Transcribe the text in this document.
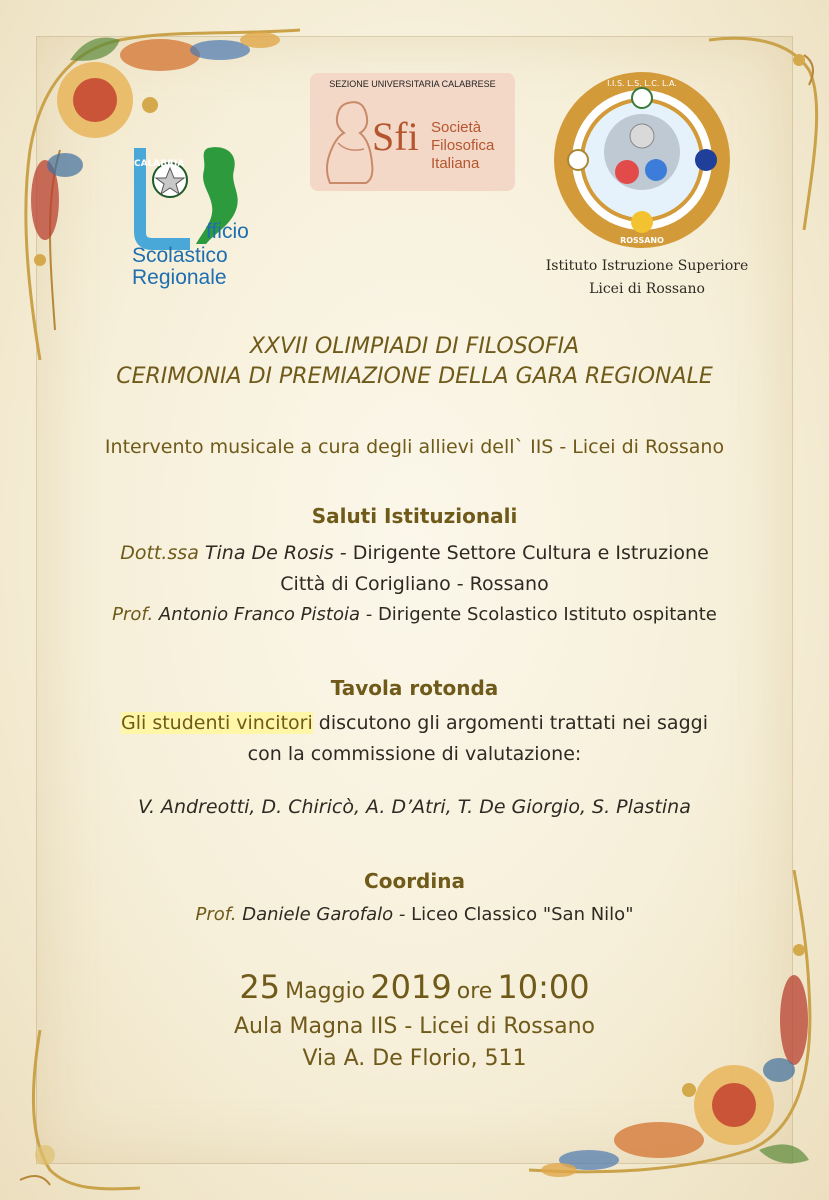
CALABRIA
fficio
Scolastico
Regionale
SEZIONE UNIVERSITARIA CALABRESE
Sfi Società
Filosofica
Italiana
I.I.S. L.S. L.C. L.A.
ROSSANO
Istituto Istruzione Superiore
Licei di Rossano
XXVII OLIMPIADI DI FILOSOFIA
CERIMONIA DI PREMIAZIONE DELLA GARA REGIONALE
Intervento musicale a cura degli allievi dell` IIS - Licei di Rossano
Saluti Istituzionali
Dott.ssa Tina De Rosis - Dirigente Settore Cultura e Istruzione
Città di Corigliano - Rossano
Prof. Antonio Franco Pistoia - Dirigente Scolastico Istituto ospitante
Tavola rotonda
Gli studenti vincitori discutono gli argomenti trattati nei saggi
con la commissione di valutazione:
V. Andreotti, D. Chiricò, A. D’Atri, T. De Giorgio, S. Plastina
Coordina
Prof. Daniele Garofalo - Liceo Classico "San Nilo"
25 Maggio 2019 ore 10:00
Aula Magna IIS - Licei di Rossano
Via A. De Florio, 511
